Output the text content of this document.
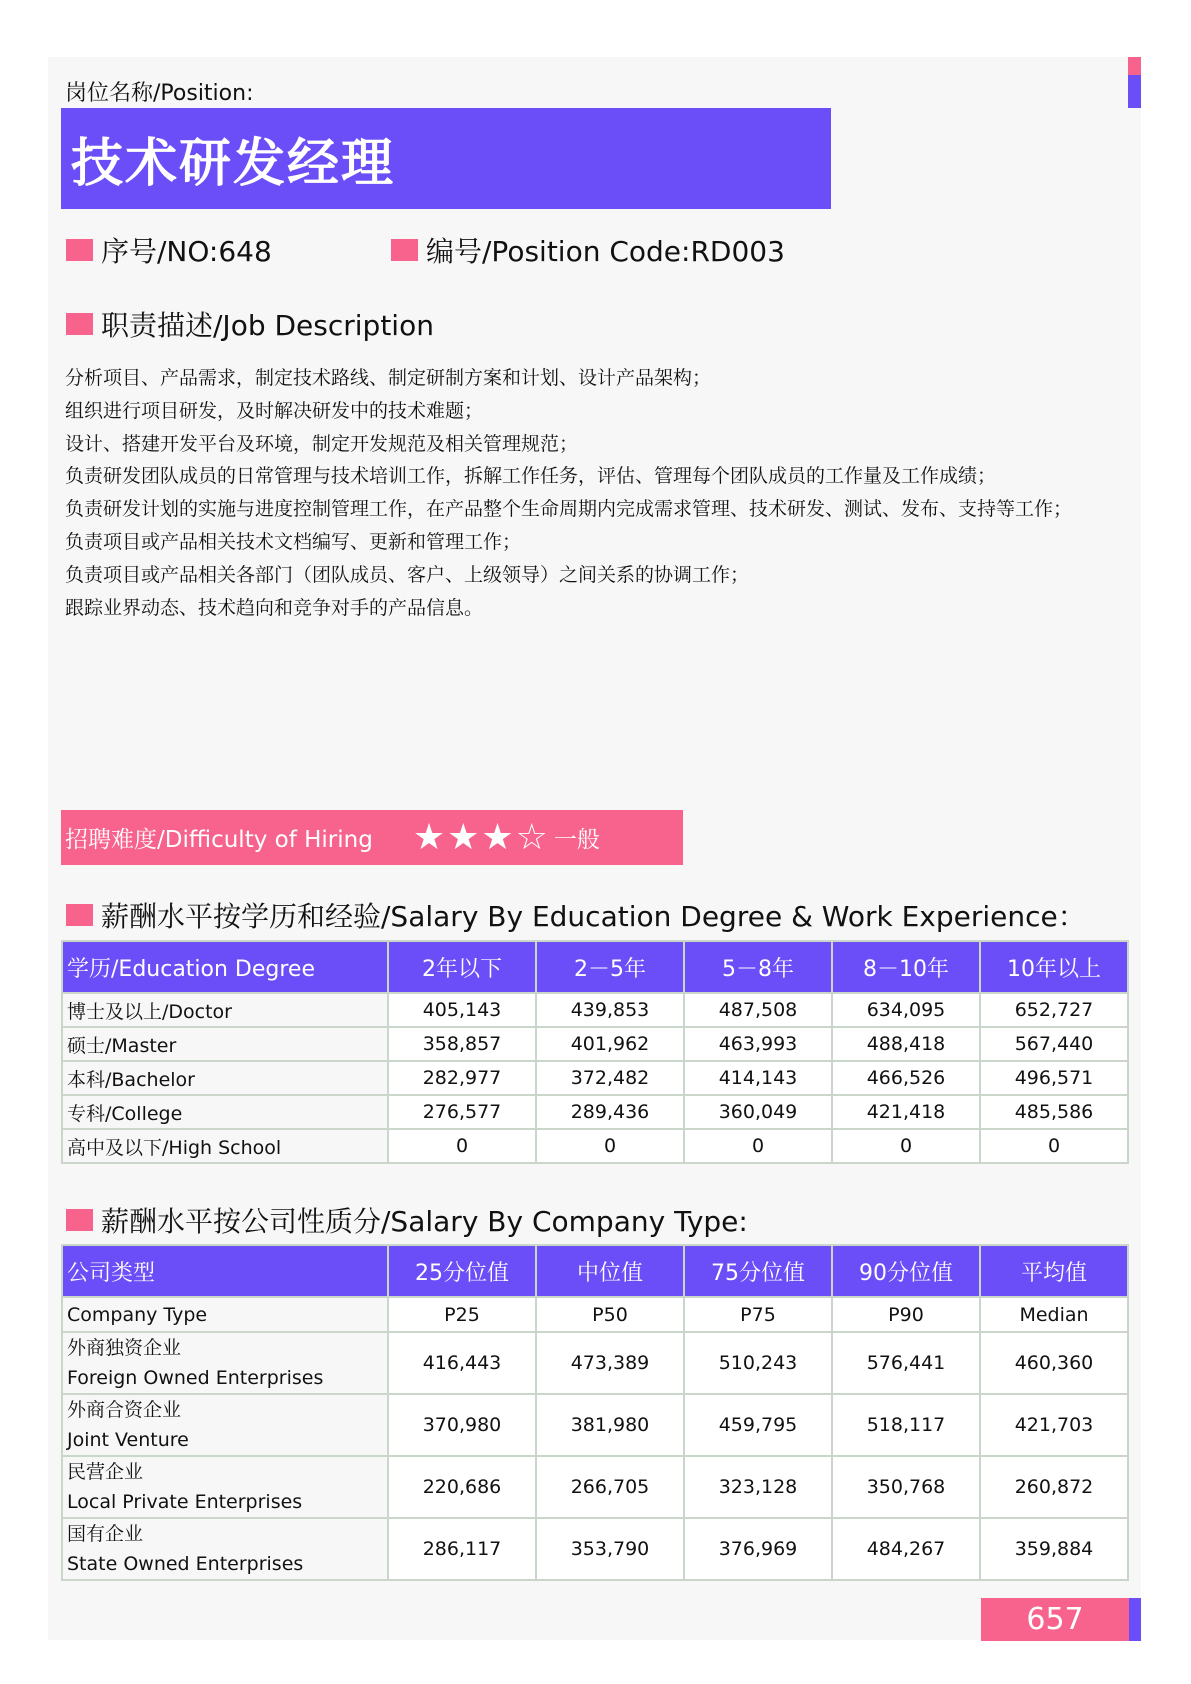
岗位名称/Position:
技术研发经理
序号/NO:648	编号/Position Code:RD003
职责描述/Job Description
分析项目、产品需求，制定技术路线、制定研制方案和计划、设计产品架构；
组织进行项目研发，及时解决研发中的技术难题；
设计、搭建开发平台及环境，制定开发规范及相关管理规范；
负责研发团队成员的日常管理与技术培训工作，拆解工作任务，评估、管理每个团队成员的工作量及工作成绩；
负责研发计划的实施与进度控制管理工作，在产品整个生命周期内完成需求管理、技术研发、测试、发布、支持等工作；
负责项目或产品相关技术文档编写、更新和管理工作；
负责项目或产品相关各部门（团队成员、客户、上级领导）之间关系的协调工作；
跟踪业界动态、技术趋向和竞争对手的产品信息。
招聘难度/Difficulty of Hiring ★★★☆ 一般
薪酬水平按学历和经验/Salary By Education Degree & Work Experience：
学历/Education Degree	2年以下	2－5年	5－8年	8－10年	10年以上
博士及以上/Doctor	405,143	439,853	487,508	634,095	652,727
硕士/Master	358,857	401,962	463,993	488,418	567,440
本科/Bachelor	282,977	372,482	414,143	466,526	496,571
专科/College	276,577	289,436	360,049	421,418	485,586
高中及以下/High School	0	0	0	0	0
薪酬水平按公司性质分/Salary By Company Type:
公司类型	25分位值	中位值	75分位值	90分位值	平均值
Company Type	P25	P50	P75	P90	Median

外商独资企业
Foreign Owned Enterprises	416,443	473,389	510,243	576,441	460,360

外商合资企业
Joint Venture	370,980	381,980	459,795	518,117	421,703

民营企业
Local Private Enterprises	220,686	266,705	323,128	350,768	260,872

国有企业
State Owned Enterprises	286,117	353,790	376,969	484,267	359,884
657
